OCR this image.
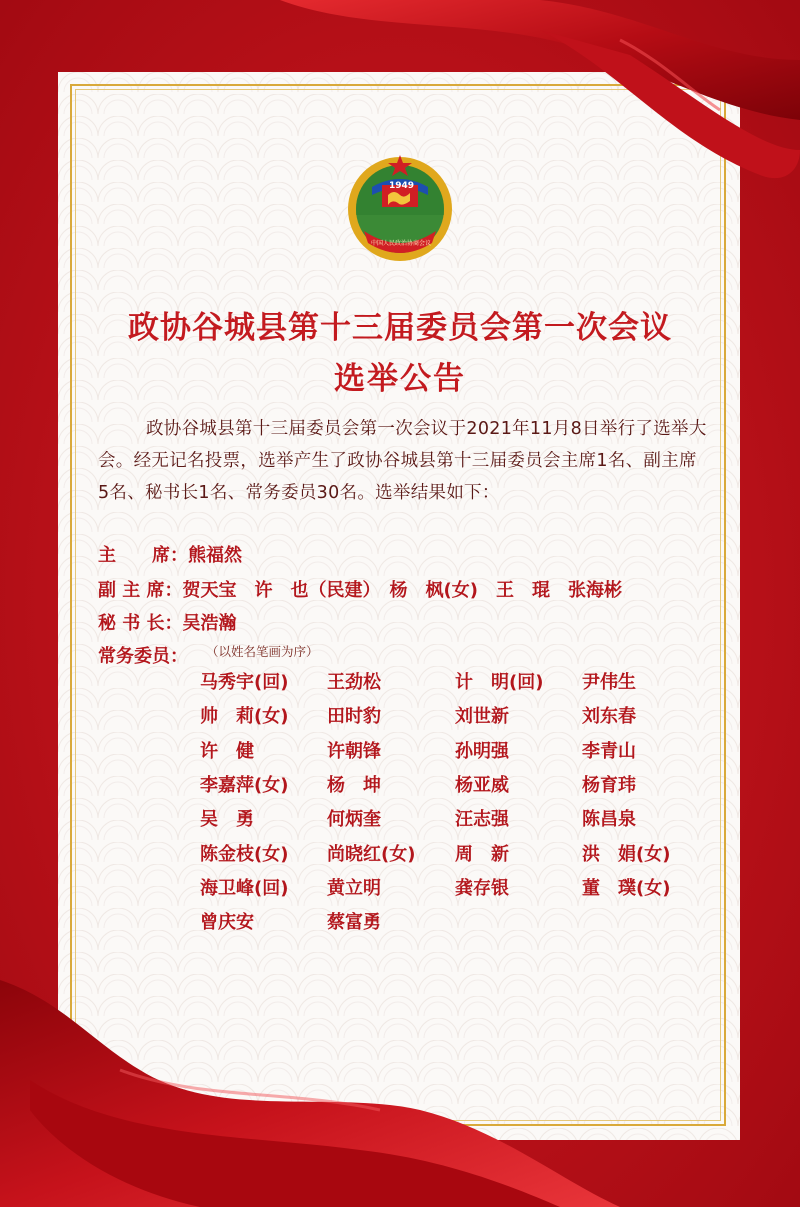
1949
中国人民政治协商会议
政协谷城县第十三届委员会第一次会议
选举公告
政协谷城县第十三届委员会第一次会议于2021年11月8日举行了选举大会。经无记名投票，选举产生了政协谷城县第十三届委员会主席1名、副主席5名、秘书长1名、常务委员30名。选举结果如下：
主　　席：熊福然
副 主 席：贺天宝　许　也（民建）　杨　枫(女)　王　琨　张海彬
秘 书 长：吴浩瀚
常务委员： （以姓名笔画为序）
马秀宇(回) 王劲松	计　明(回) 尹伟生
帅　莉(女) 田时豹	刘世新	刘东春
许　健	许朝锋	孙明强	李青山
李嘉萍(女) 杨　坤	杨亚威	杨育玮
吴　勇	何炳奎	汪志强	陈昌泉
陈金枝(女) 尚晓红(女) 周　新	洪　娟(女)
海卫峰(回) 黄立明	龚存银	董　璞(女)
曾庆安	蔡富勇
